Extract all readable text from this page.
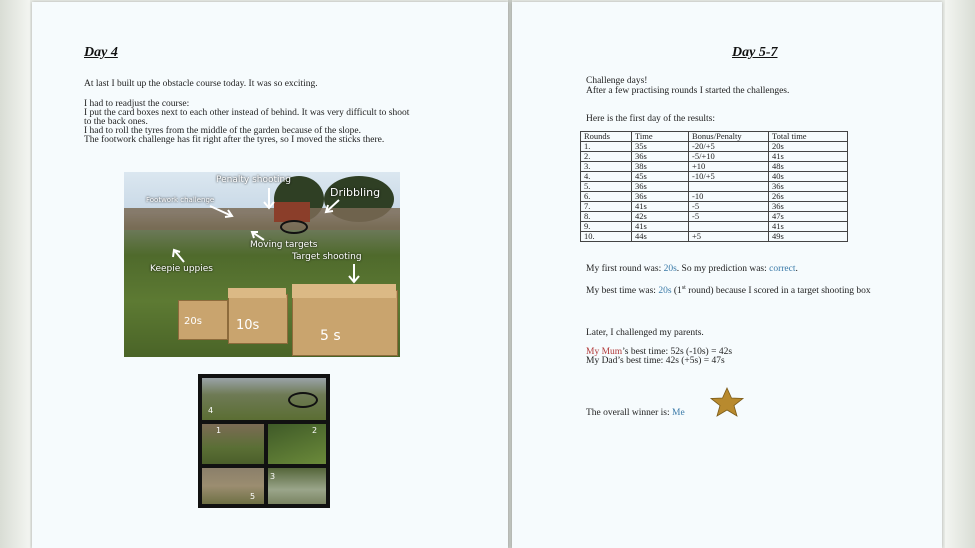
Day 4
At last I built up the obstacle course today. It was so exciting.
I had to readjust the course:
I put the card boxes next to each other instead of behind. It was very difficult to shoot
to the back ones.
I had to roll the tyres from the middle of the garden because of the slope.
The footwork challenge has fit right after the tyres, so I moved the sticks there.
Penalty shooting
Dribbling
Footwork challenge
Moving targets
Target shooting
Keepie uppies
20s	10s
5 s
4
1	2
5
3
Day 5-7
Challenge days!
After a few practising rounds I started the challenges.
Here is the first day of the results:
Rounds	Time	Bonus/Penalty	Total time
1.	35s	-20/+5	20s
2.	36s	-5/+10	41s
3.	38s	+10	48s
4.	45s	-10/+5	40s
5.	36s		36s
6.	36s	-10	26s
7.	41s	-5	36s
8.	42s	-5	47s
9.	41s		41s
10.	44s	+5	49s
My first round was: 20s. So my prediction was: correct.
My best time was: 20s (1st round) because I scored in a target shooting box
Later, I challenged my parents.
My Mum’s best time: 52s (-10s) = 42s
My Dad’s best time: 42s (+5s) = 47s
The overall winner is: Me
